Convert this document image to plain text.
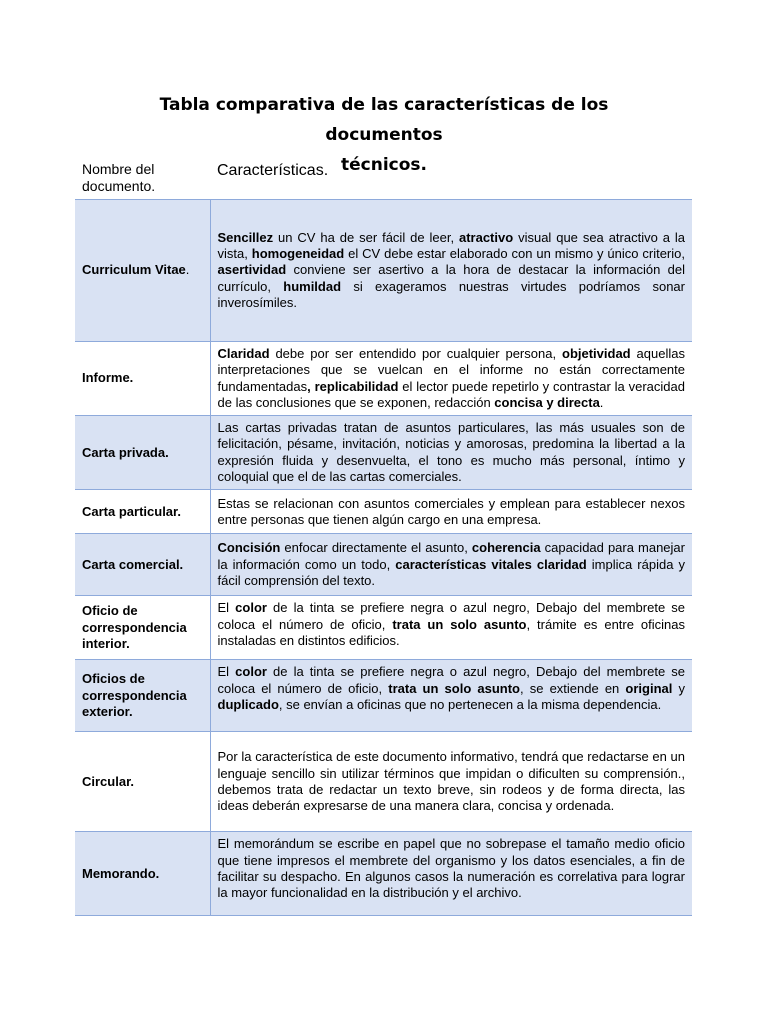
Tabla comparativa de las características de los documentos
técnicos.
Nombre del documento.	Características.
Curriculum Vitae.	Sencillez un CV ha de ser fácil de leer, atractivo visual que sea atractivo a la vista, homogeneidad el CV debe estar elaborado con un mismo y único criterio, asertividad conviene ser asertivo a la hora de destacar la información del currículo, humildad si exageramos nuestras virtudes podríamos sonar inverosímiles.
Informe.	Claridad debe por ser entendido por cualquier persona, objetividad aquellas interpretaciones que se vuelcan en el informe no están correctamente fundamentadas, replicabilidad el lector puede repetirlo y contrastar la veracidad de las conclusiones que se exponen, redacción concisa y directa.
Carta privada.	Las cartas privadas tratan de asuntos particulares, las más usuales son de felicitación, pésame, invitación, noticias y amorosas, predomina la libertad a la expresión fluida y desenvuelta, el tono es mucho más personal, íntimo y coloquial que el de las cartas comerciales.
Carta particular.	Estas se relacionan con asuntos comerciales y emplean para establecer nexos entre personas que tienen algún cargo en una empresa.
Carta comercial.	Concisión enfocar directamente el asunto, coherencia capacidad para manejar la información como un todo, características vitales claridad implica rápida y fácil comprensión del texto.
Oficio de correspondencia interior.	El color de la tinta se prefiere negra o azul negro, Debajo del membrete se coloca el número de oficio, trata un solo asunto, trámite es entre oficinas instaladas en distintos edificios.
Oficios de correspondencia exterior.	El color de la tinta se prefiere negra o azul negro, Debajo del membrete se coloca el número de oficio, trata un solo asunto, se extiende en original y duplicado, se envían a oficinas que no pertenecen a la misma dependencia.
Circular.	Por la característica de este documento informativo, tendrá que redactarse en un lenguaje sencillo sin utilizar términos que impidan o dificulten su comprensión., debemos trata de redactar un texto breve, sin rodeos y de forma directa, las ideas deberán expresarse de una manera clara, concisa y ordenada.
Memorando.	El memorándum se escribe en papel que no sobrepase el tamaño medio oficio que tiene impresos el membrete del organismo y los datos esenciales, a fin de facilitar su despacho. En algunos casos la numeración es correlativa para lograr la mayor funcionalidad en la distribución y el archivo.
